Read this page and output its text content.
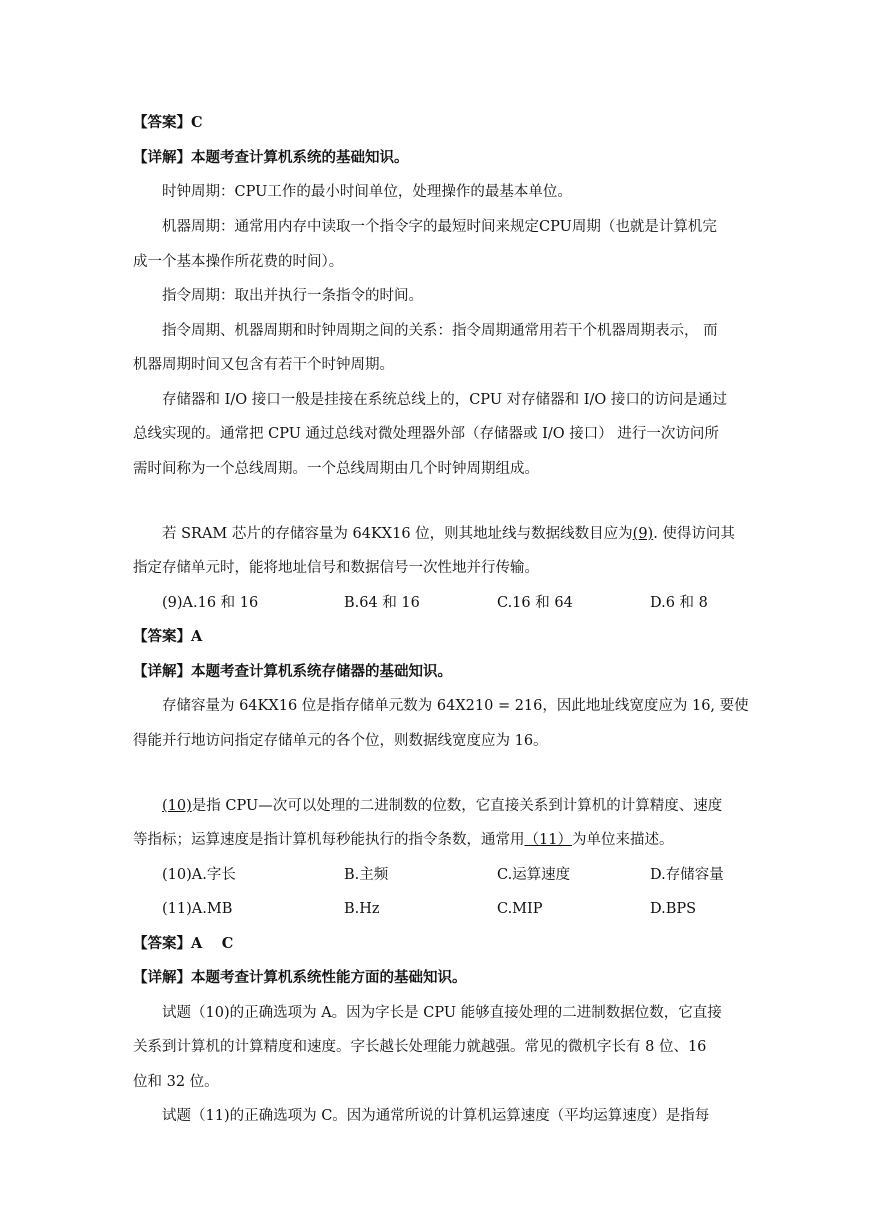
【答案】C
【详解】本题考查计算机系统的基础知识。
时钟周期：CPU工作的最小时间单位，处理操作的最基本单位。
机器周期：通常用内存中读取一个指令字的最短时间来规定CPU周期（也就是计算机完
成一个基本操作所花费的时间）。
指令周期：取出并执行一条指令的时间。
指令周期、机器周期和时钟周期之间的关系：指令周期通常用若干个机器周期表示， 而
机器周期时间又包含有若干个时钟周期。
存储器和 I/O 接口一般是挂接在系统总线上的，CPU 对存储器和 I/O 接口的访问是通过
总线实现的。通常把 CPU 通过总线对微处理器外部（存储器或 I/O 接口） 进行一次访问所
需时间称为一个总线周期。一个总线周期由几个时钟周期组成。
若 SRAM 芯片的存储容量为 64KX16 位，则其地址线与数据线数目应为(9). 使得访问其
指定存储单元时，能将地址信号和数据信号一次性地并行传输。
(9)A.16 和 16	B.64 和 16	C.16 和 64	D.6 和 8
【答案】A
【详解】本题考查计算机系统存储器的基础知识。
存储容量为 64KX16 位是指存储单元数为 64X210 = 216，因此地址线宽度应为 16, 要使
得能并行地访问指定存储单元的各个位，则数据线宽度应为 16。
(10)是指 CPU—次可以处理的二进制数的位数，它直接关系到计算机的计算精度、速度
等指标；运算速度是指计算机每秒能执行的指令条数，通常用（11）为单位来描述。
(10)A.字长	B.主频	C.运算速度	D.存储容量
(11)A.MB	B.Hz	C.MIP	D.BPS
【答案】A　 C
【详解】本题考查计算机系统性能方面的基础知识。
试题（10)的正确选项为 A。因为字长是 CPU 能够直接处理的二进制数据位数，它直接
关系到计算机的计算精度和速度。字长越长处理能力就越强。常见的微机字长有 8 位、16
位和 32 位。
试题（11)的正确选项为 C。因为通常所说的计算机运算速度（平均运算速度）是指每
